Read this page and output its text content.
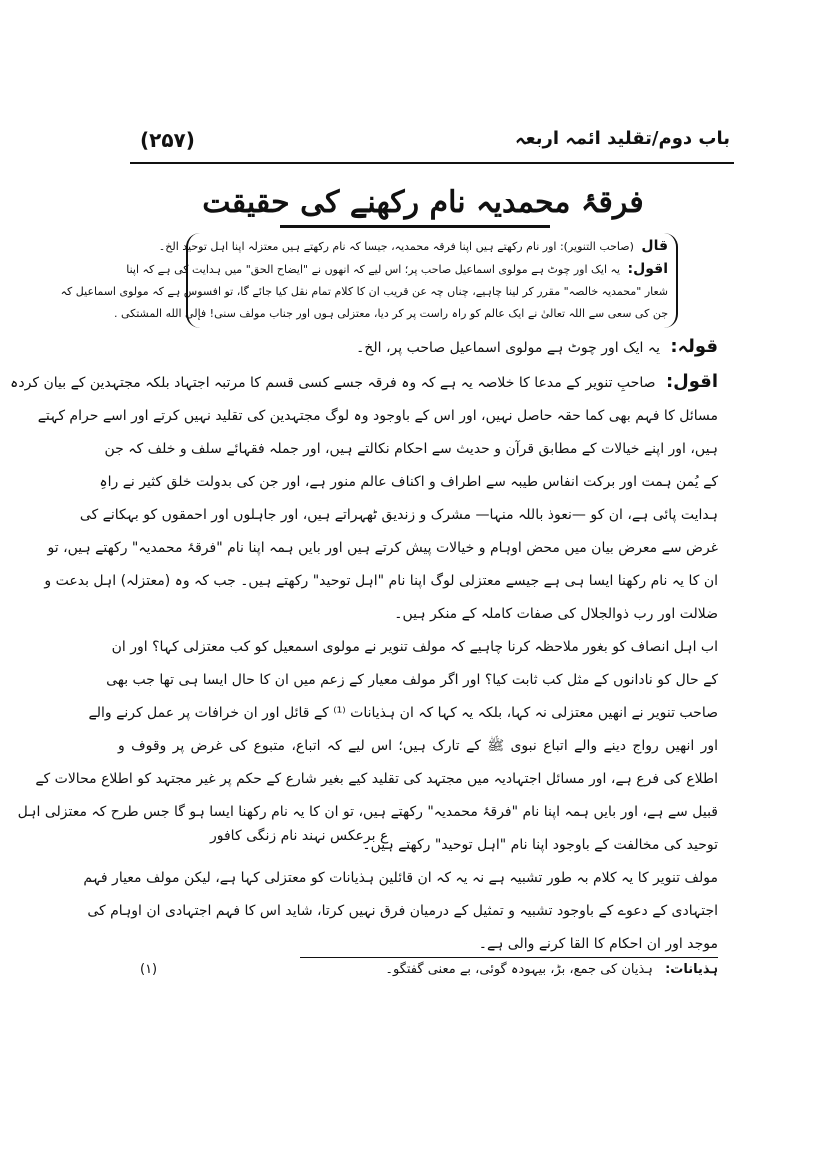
(۲۵۷)	باب دوم/تقلید ائمہ اربعہ
فرقۂ محمدیہ نام رکھنے کی حقیقت
قال (صاحب التنویر): اور نام رکھتے ہیں اپنا فرقہ محمدیہ، جیسا کہ نام رکھتے ہیں معتزلہ اپنا اہل توحید الخ۔
اقول: یہ ایک اور چوٹ ہے مولوی اسماعیل صاحب پر؛ اس لیے کہ انھوں نے "ایضاح الحق" میں ہدایت کی ہے کہ اپنا
شعار "محمدیہ خالصہ" مقرر کر لینا چاہیے، چناں چہ عن قریب ان کا کلام تمام نقل کیا جائے گا، تو افسوس ہے کہ مولوی اسماعیل کہ
جن کی سعی سے اللہ تعالیٰ نے ایک عالم کو راہ راست پر کر دیا، معتزلی ہوں اور جناب مولف سنی! فإلى الله المشتكى .
قولہ: یہ ایک اور چوٹ ہے مولوی اسماعیل صاحب پر، الخ۔
اقول: صاحبِ تنویر کے مدعا کا خلاصہ یہ ہے کہ وہ فرقہ جسے کسی قسم کا مرتبہ اجتہاد بلکہ مجتہدین کے بیان کردہ
مسائل کا فہم بھی کما حقہ حاصل نہیں، اور اس کے باوجود وہ لوگ مجتہدین کی تقلید نہیں کرتے اور اسے حرام کہتے
ہیں، اور اپنے خیالات کے مطابق قرآن و حدیث سے احکام نکالتے ہیں، اور جملہ فقہائے سلف و خلف کہ جن
کے یُمن ہمت اور برکت انفاس طیبہ سے اطراف و اکناف عالم منور ہے، اور جن کی بدولت خلق کثیر نے راہِ
ہدایت پائی ہے، ان کو —نعوذ باللہ منہا— مشرک و زندیق ٹھہراتے ہیں، اور جاہلوں اور احمقوں کو بہکانے کی
غرض سے معرض بیان میں محض اوہام و خیالات پیش کرتے ہیں اور بایں ہمہ اپنا نام "فرقۂ محمدیہ" رکھتے ہیں، تو
ان کا یہ نام رکھنا ایسا ہی ہے جیسے معتزلی لوگ اپنا نام "اہل توحید" رکھتے ہیں۔ جب کہ وہ (معتزلہ) اہل بدعت و
ضلالت اور رب ذوالجلال کی صفات کاملہ کے منکر ہیں۔
اب اہل انصاف کو بغور ملاحظہ کرنا چاہیے کہ مولف تنویر نے مولوی اسمعیل کو کب معتزلی کہا؟ اور ان
کے حال کو نادانوں کے مثل کب ثابت کیا؟ اور اگر مولف معیار کے زعم میں ان کا حال ایسا ہی تھا جب بھی
صاحب تنویر نے انھیں معتزلی نہ کہا، بلکہ یہ کہا کہ ان ہذیانات ⁽¹⁾ کے قائل اور ان خرافات پر عمل کرنے والے
اور انھیں رواج دینے والے اتباع نبوی ﷺ کے تارک ہیں؛ اس لیے کہ اتباع، متبوع کی غرض پر وقوف و
اطلاع کی فرع ہے، اور مسائل اجتہادیہ میں مجتہد کی تقلید کیے بغیر شارع کے حکم پر غیر مجتہد کو اطلاع محالات کے
قبیل سے ہے، اور بایں ہمہ اپنا نام "فرقۂ محمدیہ" رکھتے ہیں، تو ان کا یہ نام رکھنا ایسا ہو گا جس طرح کہ معتزلی اہل
توحید کی مخالفت کے باوجود اپنا نام "اہل توحید" رکھتے ہیں۔
مولف تنویر کا یہ کلام بہ طور تشبیہ ہے نہ یہ کہ ان قائلین ہذیانات کو معتزلی کہا ہے، لیکن مولف معیار فہم
اجتہادی کے دعوے کے باوجود تشبیہ و تمثیل کے درمیان فرق نہیں کرتا، شاید اس کا فہم اجتہادی ان اوہام کی
موجد اور ان احکام کا القا کرنے والی ہے۔
ع برعکس نہند نام زنگی کافور
ہذیانات: ہذیان کی جمع، بڑ، بیہودہ گوئی، بے معنی گفتگو۔
(۱)
